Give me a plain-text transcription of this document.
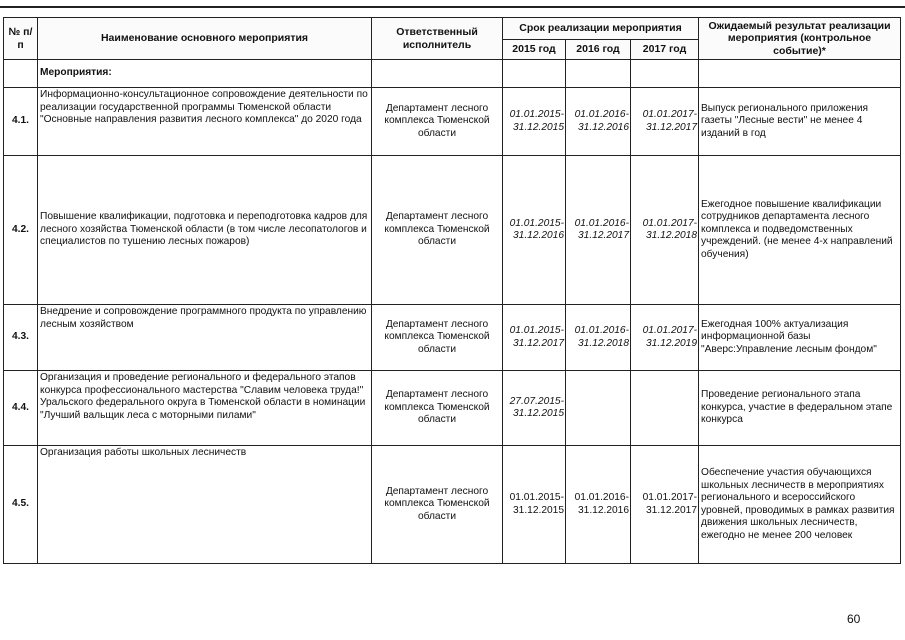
№ п/п	Наименование основного мероприятия	Ответственный исполнитель	Срок реализации мероприятия			Ожидаемый результат реализации мероприятия (контрольное событие)*
			2015 год	2016 год	2017 год	
	Мероприятия:					
4.1.	Информационно-консультационное сопровождение деятельности по реализации государственной программы Тюменской области "Основные направления развития лесного комплекса" до 2020 года	Департамент лесного комплекса Тюменской области	01.01.2015-31.12.2015	01.01.2016-31.12.2016	01.01.2017-31.12.2017	Выпуск регионального приложения газеты "Лесные вести" не менее 4 изданий в год
4.2.	Повышение квалификации, подготовка и переподготовка кадров для лесного хозяйства Тюменской области (в том числе лесопатологов и специалистов по тушению лесных пожаров)	Департамент лесного комплекса Тюменской области	01.01.2015-31.12.2016	01.01.2016-31.12.2017	01.01.2017-31.12.2018	Ежегодное повышение квалификации сотрудников департамента лесного комплекса и подведомственных учреждений. (не менее 4-х направлений обучения)
4.3.	Внедрение и сопровождение программного продукта по управлению лесным хозяйством	Департамент лесного комплекса Тюменской области	01.01.2015-31.12.2017	01.01.2016-31.12.2018	01.01.2017-31.12.2019	Ежегодная 100% актуализация информационной базы "Аверс:Управление лесным фондом"
4.4.	Организация и проведение регионального и федерального этапов конкурса профессионального мастерства "Славим человека труда!" Уральского федерального округа в Тюменской области в номинации "Лучший вальщик леса с моторными пилами"	Департамент лесного комплекса Тюменской области	27.07.2015-31.12.2015			Проведение регионального этапа конкурса, участие в федеральном этапе конкурса
4.5.	Организация работы школьных лесничеств	Департамент лесного комплекса Тюменской области	01.01.2015-31.12.2015	01.01.2016-31.12.2016	01.01.2017-31.12.2017	Обеспечение участия обучающихся школьных лесничеств в мероприятиях регионального и всероссийского уровней, проводимых в рамках развития движения школьных лесничеств, ежегодно не менее 200 человек
60
